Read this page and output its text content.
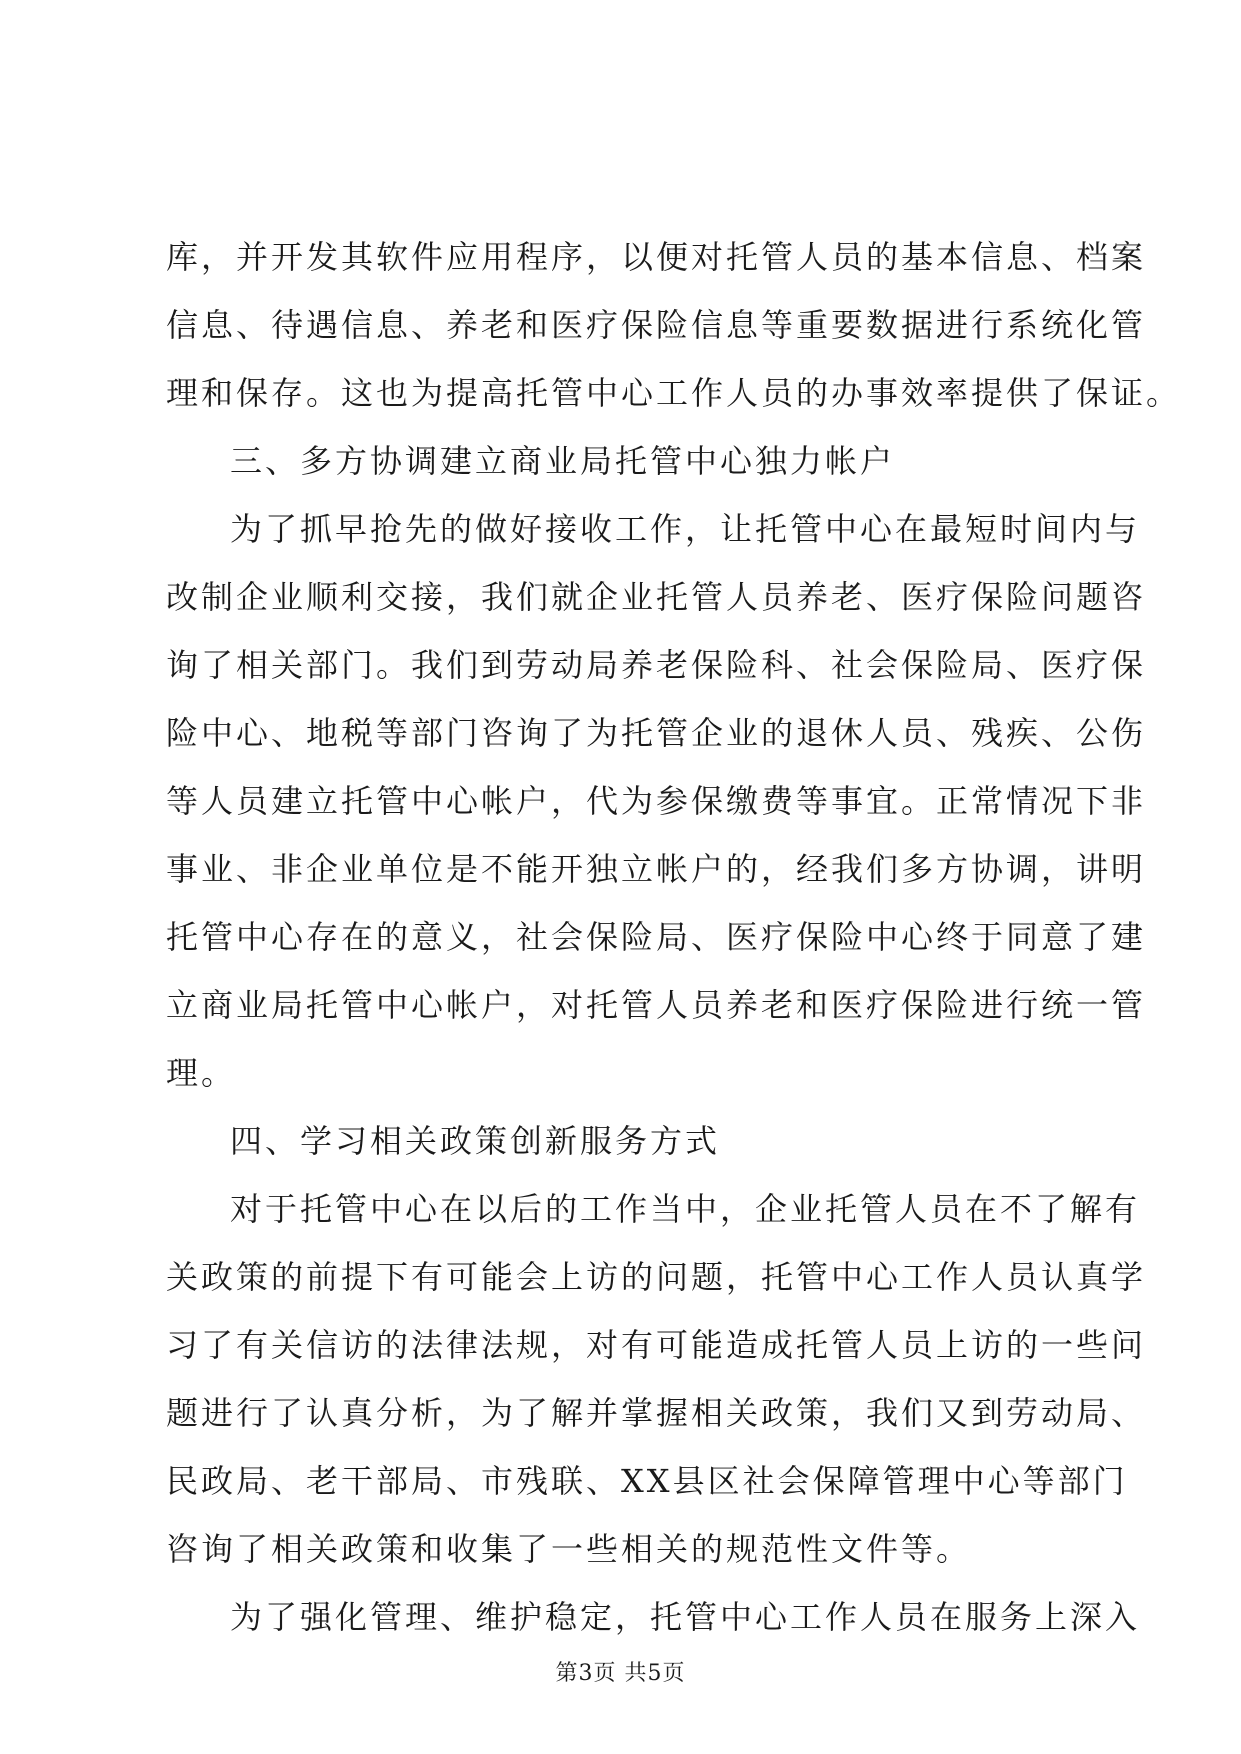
库，并开发其软件应用程序，以便对托管人员的基本信息、档案
信息、待遇信息、养老和医疗保险信息等重要数据进行系统化管
理和保存。这也为提高托管中心工作人员的办事效率提供了保证。
三、多方协调建立商业局托管中心独力帐户
为了抓早抢先的做好接收工作，让托管中心在最短时间内与
改制企业顺利交接，我们就企业托管人员养老、医疗保险问题咨
询了相关部门。我们到劳动局养老保险科、社会保险局、医疗保
险中心、地税等部门咨询了为托管企业的退休人员、残疾、公伤
等人员建立托管中心帐户，代为参保缴费等事宜。正常情况下非
事业、非企业单位是不能开独立帐户的，经我们多方协调，讲明
托管中心存在的意义，社会保险局、医疗保险中心终于同意了建
立商业局托管中心帐户，对托管人员养老和医疗保险进行统一管
理。
四、学习相关政策创新服务方式
对于托管中心在以后的工作当中，企业托管人员在不了解有
关政策的前提下有可能会上访的问题，托管中心工作人员认真学
习了有关信访的法律法规，对有可能造成托管人员上访的一些问
题进行了认真分析，为了解并掌握相关政策，我们又到劳动局、
民政局、老干部局、市残联、XX县区社会保障管理中心等部门
咨询了相关政策和收集了一些相关的规范性文件等。
为了强化管理、维护稳定，托管中心工作人员在服务上深入
第3页 共5页
